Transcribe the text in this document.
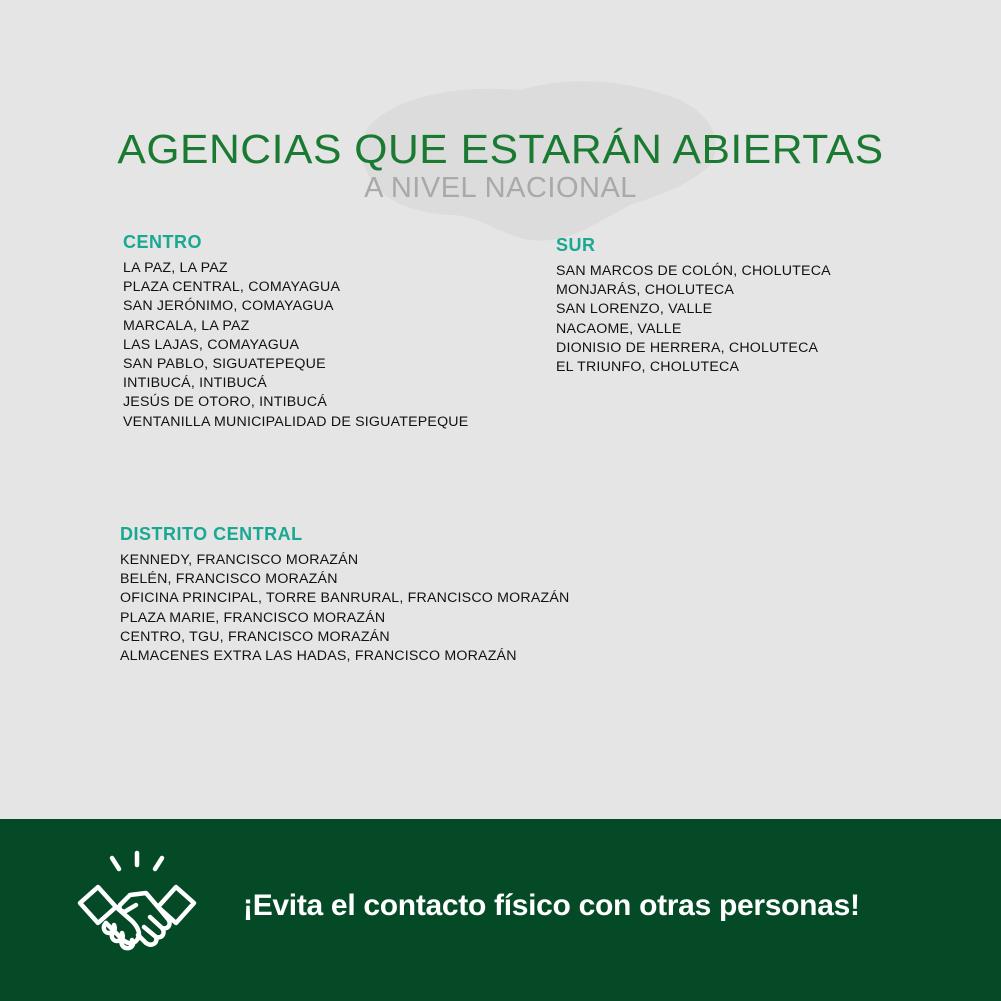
AGENCIAS QUE ESTARÁN ABIERTAS
A NIVEL NACIONAL
CENTRO
LA PAZ, LA PAZ
PLAZA CENTRAL, COMAYAGUA
SAN JERÓNIMO, COMAYAGUA
MARCALA, LA PAZ
LAS LAJAS, COMAYAGUA
SAN PABLO, SIGUATEPEQUE
INTIBUCÁ, INTIBUCÁ
JESÚS DE OTORO, INTIBUCÁ
VENTANILLA MUNICIPALIDAD DE SIGUATEPEQUE
SUR
SAN MARCOS DE COLÓN, CHOLUTECA
MONJARÁS, CHOLUTECA
SAN LORENZO, VALLE
NACAOME, VALLE
DIONISIO DE HERRERA, CHOLUTECA
EL TRIUNFO, CHOLUTECA
DISTRITO CENTRAL
KENNEDY, FRANCISCO MORAZÁN
BELÉN, FRANCISCO MORAZÁN
OFICINA PRINCIPAL, TORRE BANRURAL, FRANCISCO MORAZÁN
PLAZA MARIE, FRANCISCO MORAZÁN
CENTRO, TGU, FRANCISCO MORAZÁN
ALMACENES EXTRA LAS HADAS, FRANCISCO MORAZÁN
¡Evita el contacto físico con otras personas!
